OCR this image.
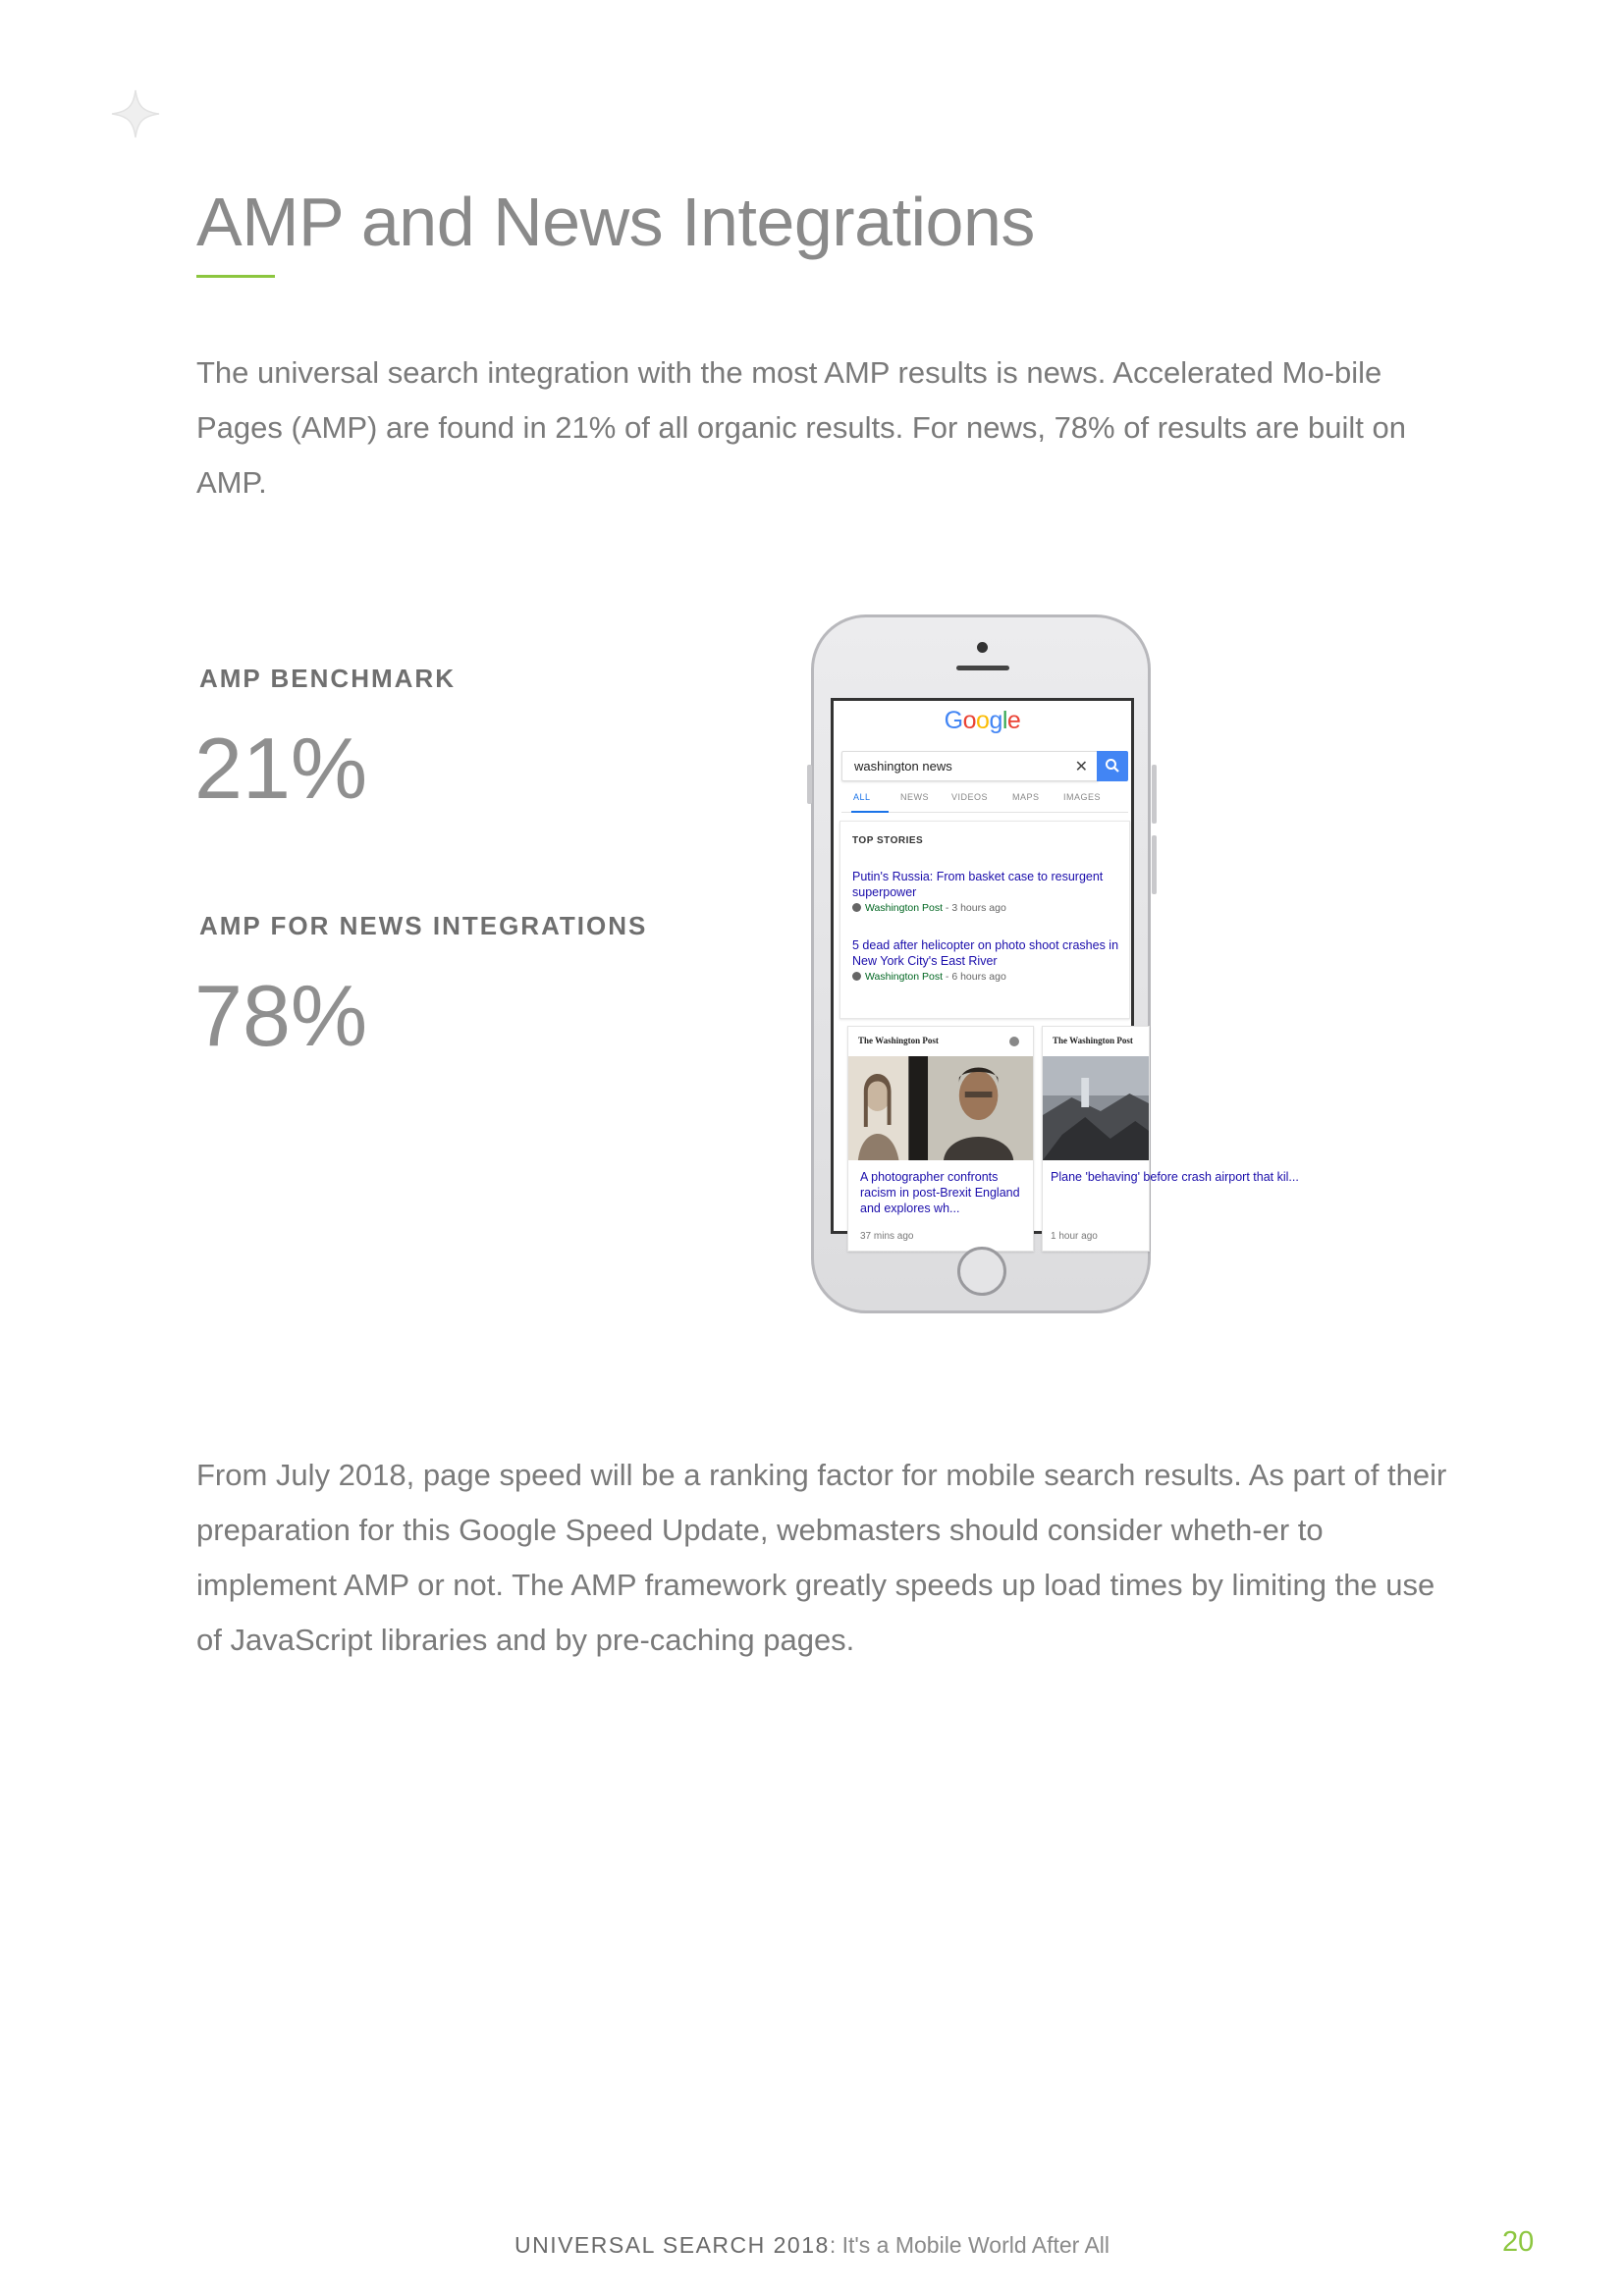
AMP and News Integrations

The universal search integration with the most AMP results is news. Accelerated Mo-bile Pages (AMP) are found in 21% of all organic results. For news, 78% of results are built on AMP.

AMP BENCHMARK
21%
AMP FOR NEWS INTEGRATIONS
78%
Google
washington news	✕
ALL	NEWS	VIDEOS	MAPS	IMAGES
TOP STORIES
Putin's Russia: From basket case to resurgent superpower
Washington Post - 3 hours ago
5 dead after helicopter on photo shoot crashes in New York City's East River
Washington Post - 6 hours ago
The Washington Post
A photographer confronts racism in post-Brexit England and explores wh...
37 mins ago
The Washington Post
Plane 'behaving' before crash airport that kil...
1 hour ago

From July 2018, page speed will be a ranking factor for mobile search results. As part of their preparation for this Google Speed Update, webmasters should consider wheth-er to implement AMP or not. The AMP framework greatly speeds up load times by limiting the use of JavaScript libraries and by pre-caching pages.

UNIVERSAL SEARCH 2018: It's a Mobile World After All	20
